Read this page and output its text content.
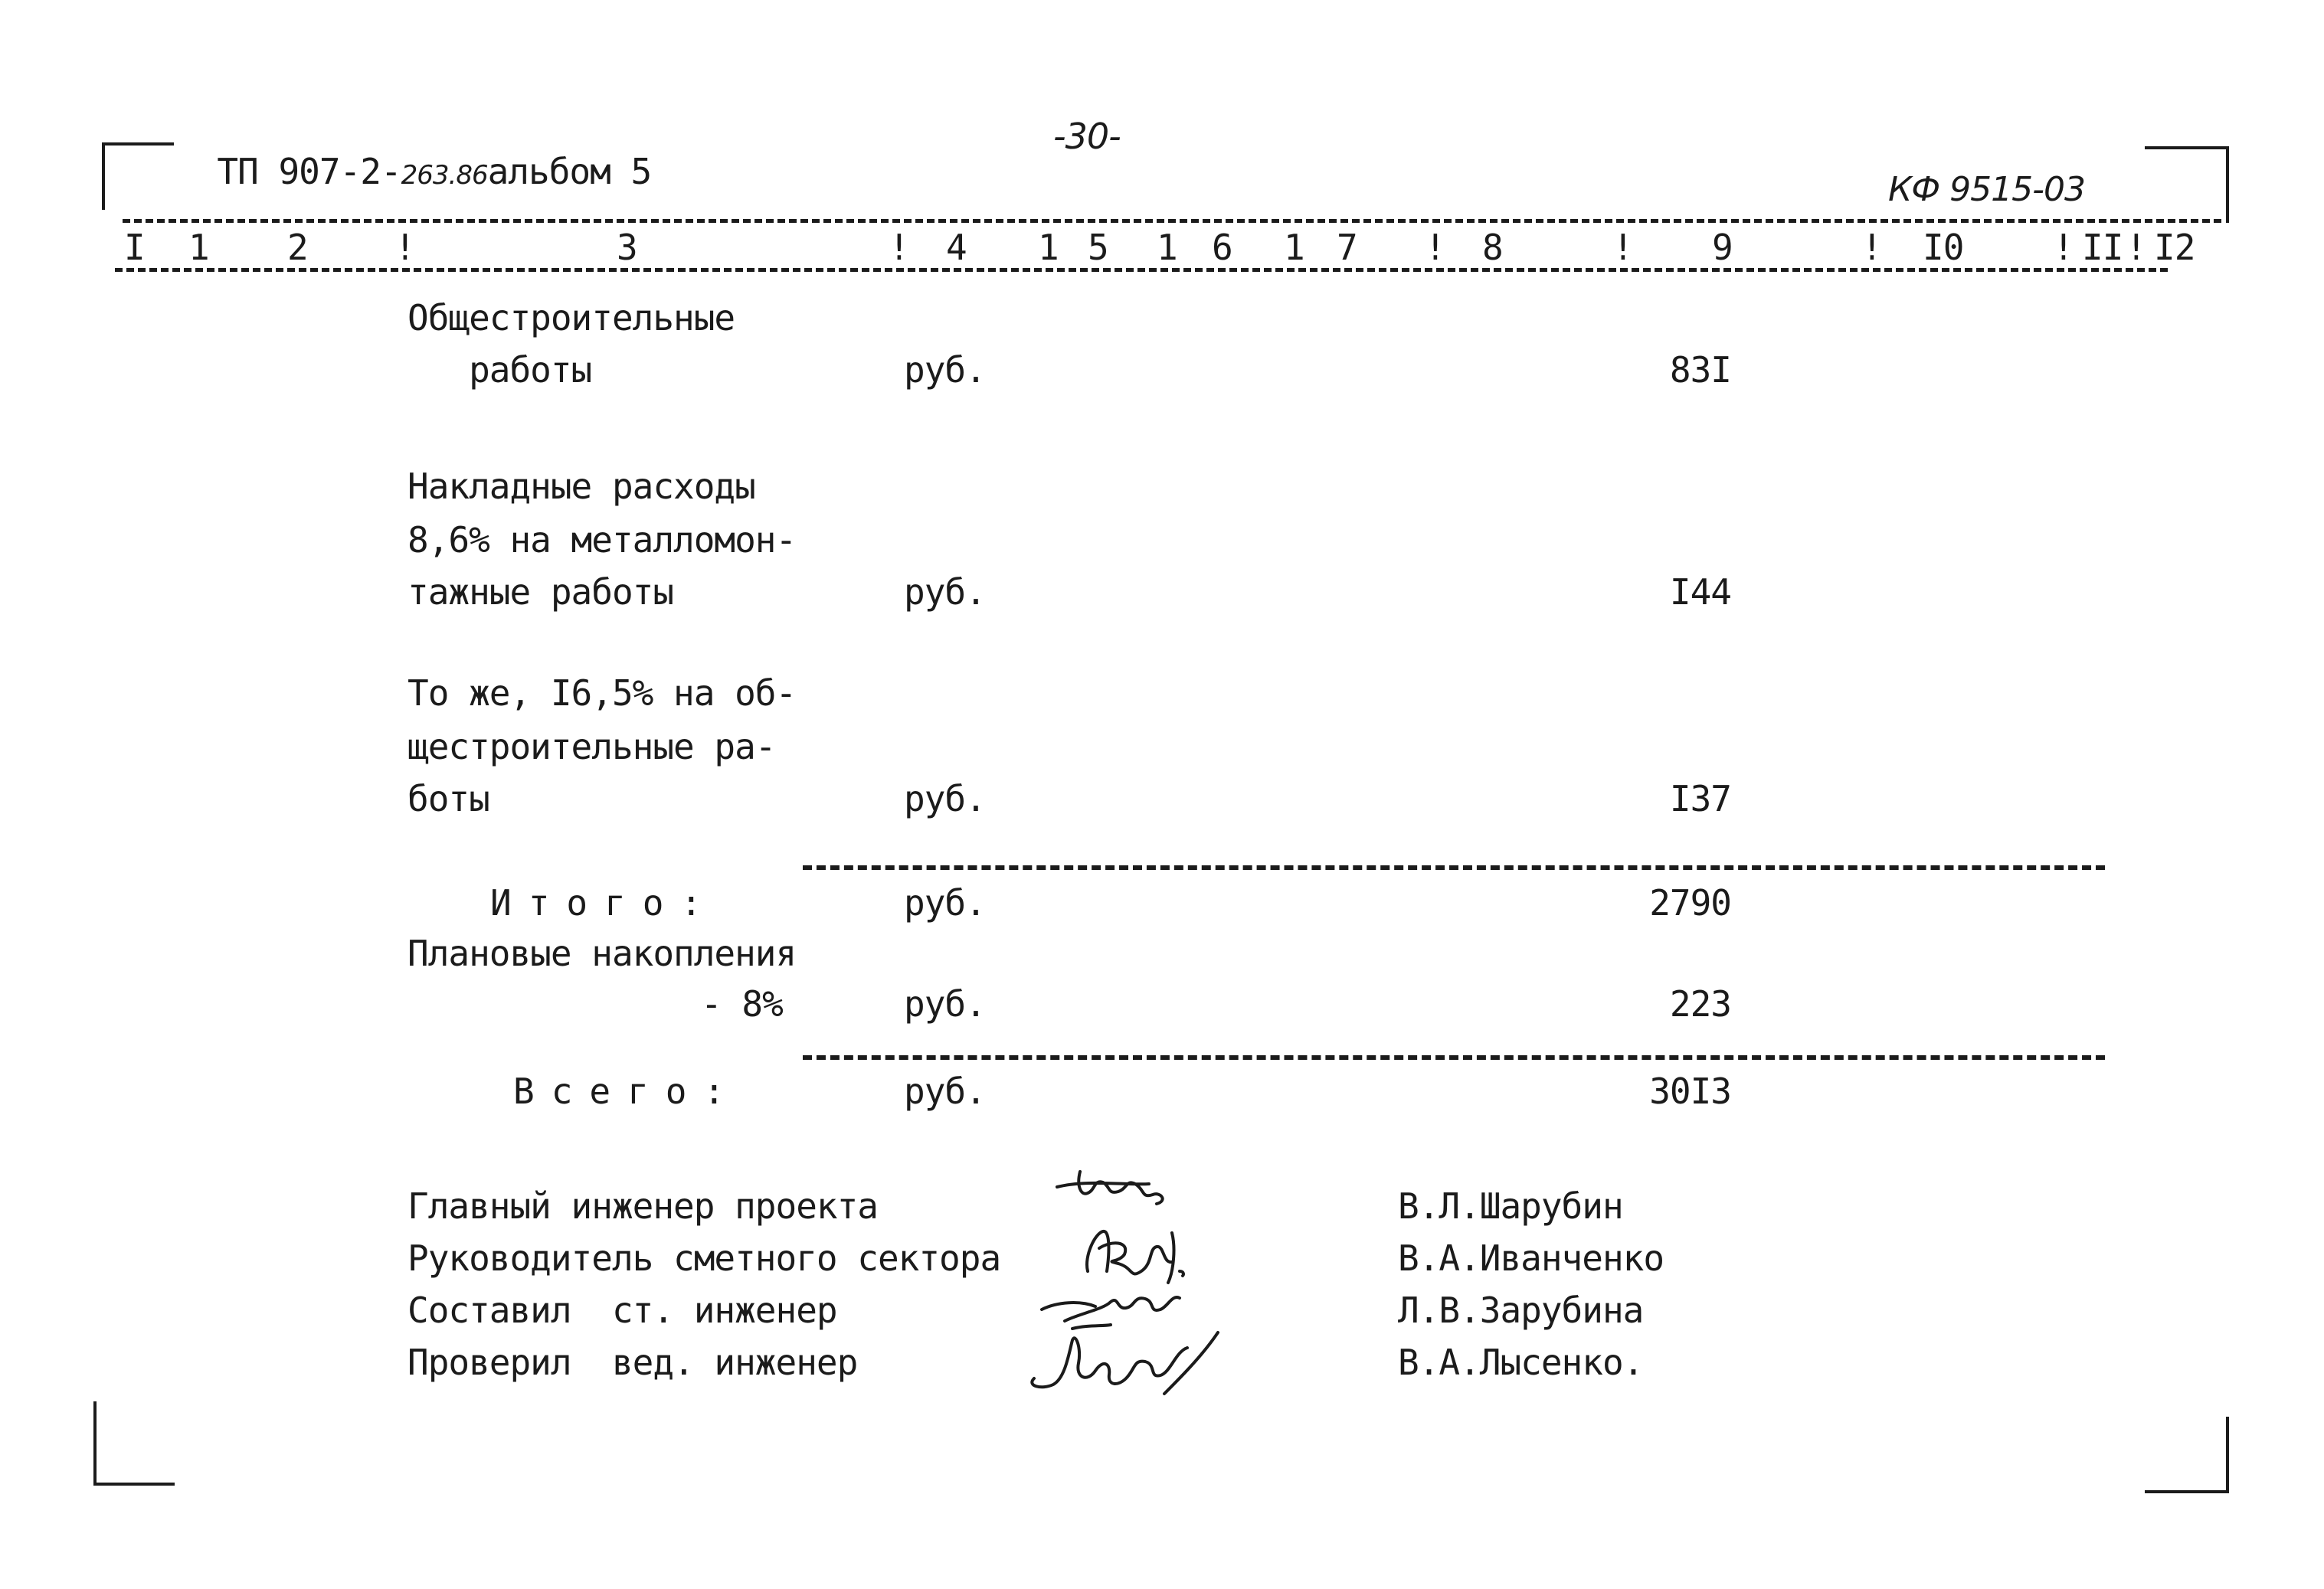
ТП 907-2-263.86альбом 5

-30-
КФ 9515-03
I 1 2 !	3	! 4 1 5 1 6 1 7 ! 8	! 9	! I0	! II ! I2
Общестроительные
работы	руб.	83I
Накладные расходы
8,6% на металломон-
тажные работы	руб.	I44
То же, I6,5% на об-
щестроительные ра-
боты	руб.	I37
Итого:	руб.	2790
Плановые накопления
- 8%	руб.	223
Всего:	руб.	30I3
Главный инженер проекта	В.Л.Шарубин
Руководитель сметного сектора	В.А.Иванченко
Составил  ст. инженер	Л.В.Зарубина
Проверил  вед. инженер	В.А.Лысенко.
